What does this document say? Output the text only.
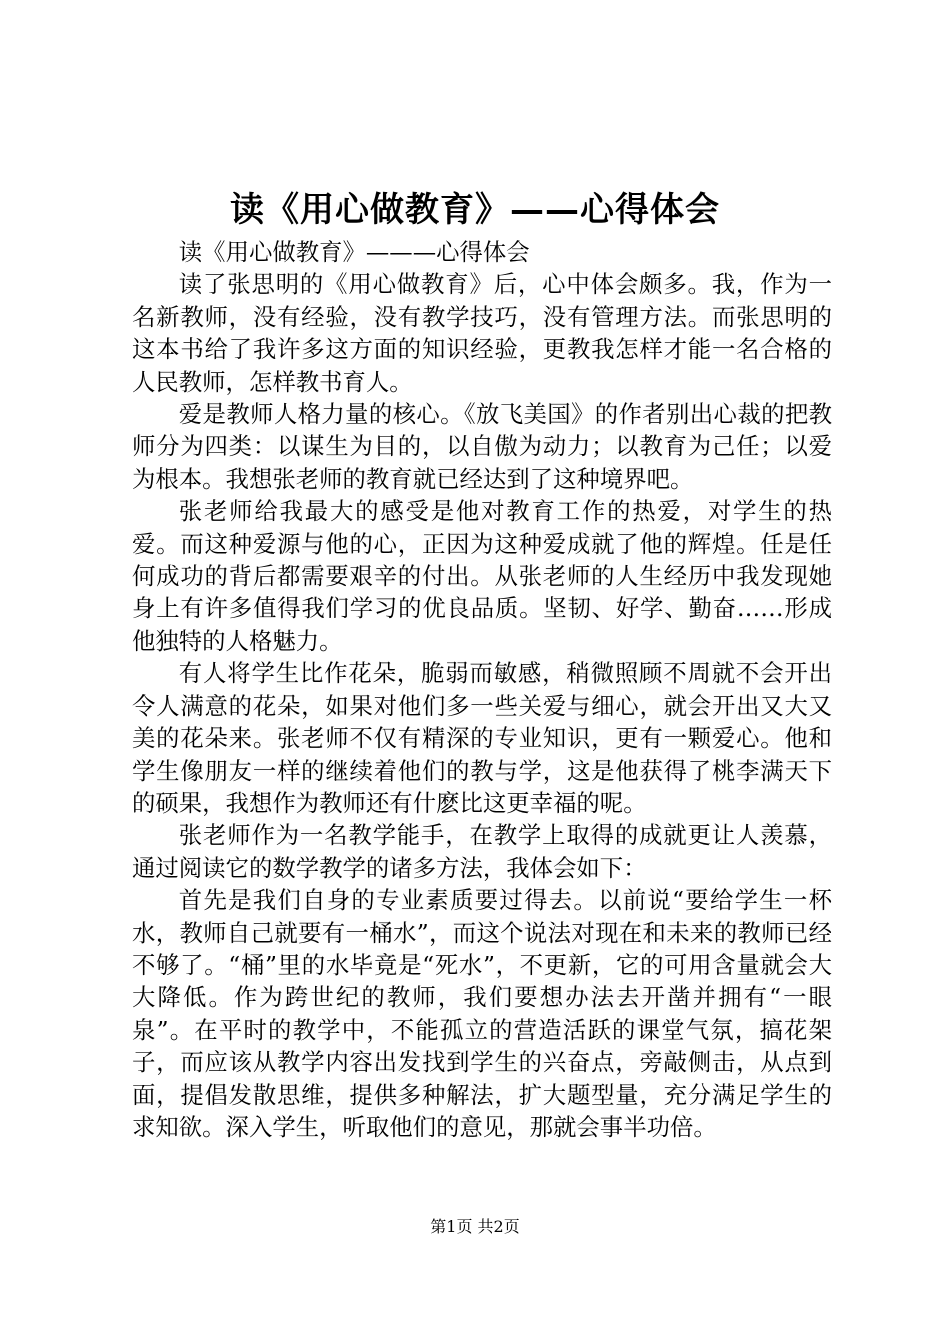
读《用心做教育》——心得体会

读《用心做教育》———心得体会

读了张思明的《用心做教育》后，心中体会颇多。我，作为一名新教师，没有经验，没有教学技巧，没有管理方法。而张思明的这本书给了我许多这方面的知识经验，更教我怎样才能一名合格的人民教师，怎样教书育人。

爱是教师人格力量的核心。《放飞美国》的作者别出心裁的把教师分为四类：以谋生为目的，以自傲为动力；以教育为己任；以爱为根本。我想张老师的教育就已经达到了这种境界吧。

张老师给我最大的感受是他对教育工作的热爱，对学生的热爱。而这种爱源与他的心，正因为这种爱成就了他的辉煌。任是任何成功的背后都需要艰辛的付出。从张老师的人生经历中我发现她身上有许多值得我们学习的优良品质。坚韧、好学、勤奋……形成他独特的人格魅力。

有人将学生比作花朵，脆弱而敏感，稍微照顾不周就不会开出令人满意的花朵，如果对他们多一些关爱与细心，就会开出又大又美的花朵来。张老师不仅有精深的专业知识，更有一颗爱心。他和学生像朋友一样的继续着他们的教与学，这是他获得了桃李满天下的硕果，我想作为教师还有什麽比这更幸福的呢。

张老师作为一名教学能手，在教学上取得的成就更让人羡慕，通过阅读它的数学教学的诸多方法，我体会如下：

首先是我们自身的专业素质要过得去。以前说“要给学生一杯水，教师自己就要有一桶水”，而这个说法对现在和未来的教师已经不够了。“桶”里的水毕竟是“死水”，不更新，它的可用含量就会大大降低。作为跨世纪的教师，我们要想办法去开凿并拥有“一眼泉”。在平时的教学中，不能孤立的营造活跃的课堂气氛，搞花架子，而应该从教学内容出发找到学生的兴奋点，旁敲侧击，从点到面，提倡发散思维，提供多种解法，扩大题型量，充分满足学生的求知欲。深入学生，听取他们的意见，那就会事半功倍。

第1页 共2页
